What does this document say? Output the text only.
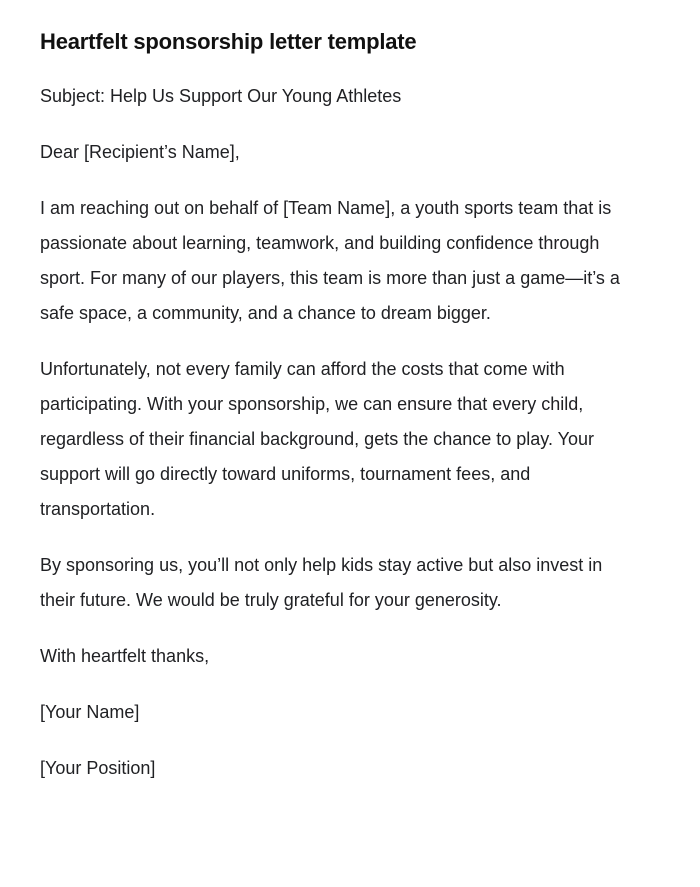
Heartfelt sponsorship letter template

Subject: Help Us Support Our Young Athletes

Dear [Recipient’s Name],

I am reaching out on behalf of [Team Name], a youth sports team that is passionate about learning, teamwork, and building confidence through sport. For many of our players, this team is more than just a game—it’s a safe space, a community, and a chance to dream bigger.

Unfortunately, not every family can afford the costs that come with participating. With your sponsorship, we can ensure that every child, regardless of their financial background, gets the chance to play. Your support will go directly toward uniforms, tournament fees, and transportation.

By sponsoring us, you’ll not only help kids stay active but also invest in their future. We would be truly grateful for your generosity.

With heartfelt thanks,

[Your Name]

[Your Position]
